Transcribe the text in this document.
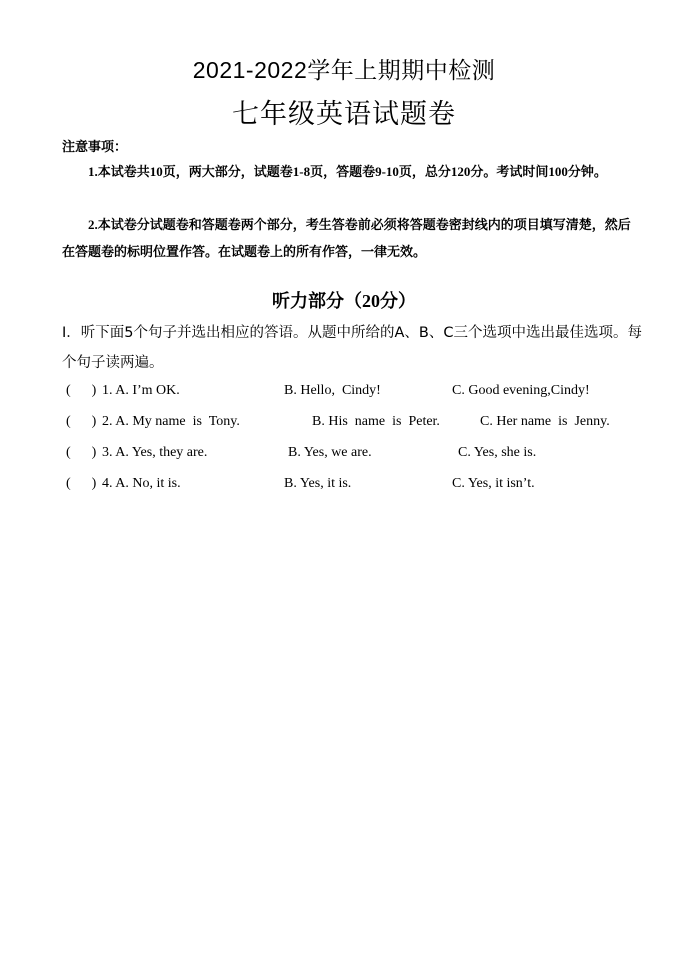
2021-2022学年上期期中检测
七年级英语试题卷
注意事项：
1.本试卷共10页，两大部分，试题卷1-8页，答题卷9-10页，总分120分。考试时间100分钟。
2.本试卷分试题卷和答题卷两个部分，考生答卷前必须将答题卷密封线内的项目填写清楚，然后在答题卷的标明位置作答。在试题卷上的所有作答，一律无效。
听力部分（20分）
Ⅰ．听下面5个句子并选出相应的答语。从题中所给的A、B、C三个选项中选出最佳选项。每个句子读两遍。
(      ) 1. A. I’m OK.	B. Hello,  Cindy!	C. Good evening,Cindy!
(      ) 2. A. My name  is  Tony.	B. His  name  is  Peter.	C. Her name  is  Jenny.
(      ) 3. A. Yes, they are.	B. Yes, we are.	C. Yes, she is.
(      ) 4. A. No, it is.	B. Yes, it is.	C. Yes, it isn’t.
